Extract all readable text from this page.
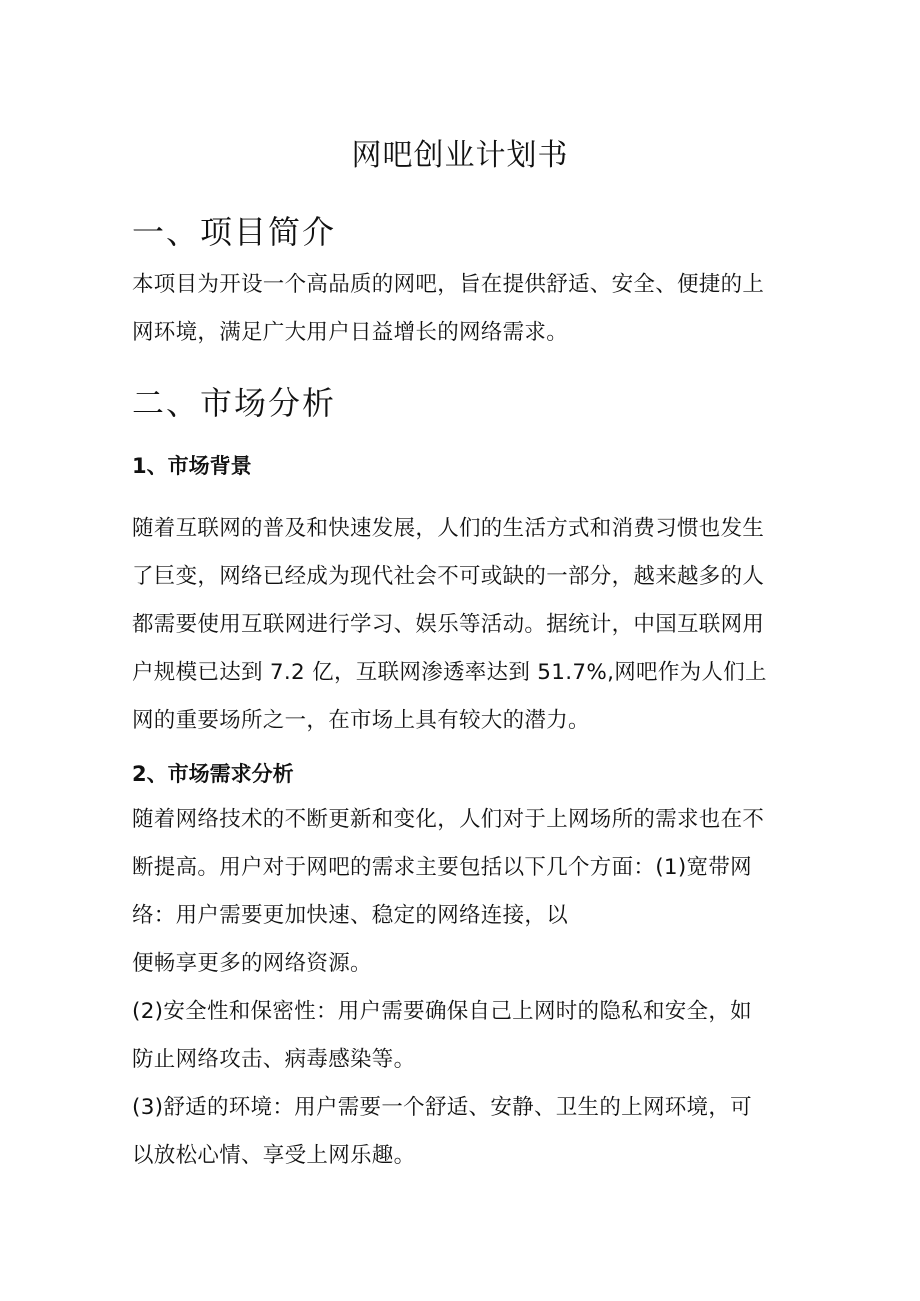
网吧创业计划书
一、项目简介

本项目为开设一个高品质的网吧，旨在提供舒适、安全、便捷的上
网环境，满足广大用户日益增长的网络需求。

二、市场分析
1、市场背景

随着互联网的普及和快速发展，人们的生活方式和消费习惯也发生
了巨变，网络已经成为现代社会不可或缺的一部分，越来越多的人
都需要使用互联网进行学习、娱乐等活动。据统计，中国互联网用
户规模已达到 7.2 亿，互联网渗透率达到 51.7%,网吧作为人们上
网的重要场所之一，在市场上具有较大的潜力。

2、市场需求分析

随着网络技术的不断更新和变化，人们对于上网场所的需求也在不
断提高。用户对于网吧的需求主要包括以下几个方面：(1)宽带网
络：用户需要更加快速、稳定的网络连接，以
便畅享更多的网络资源。
(2)安全性和保密性：用户需要确保自己上网时的隐私和安全，如
防止网络攻击、病毒感染等。
(3)舒适的环境：用户需要一个舒适、安静、卫生的上网环境，可
以放松心情、享受上网乐趣。
